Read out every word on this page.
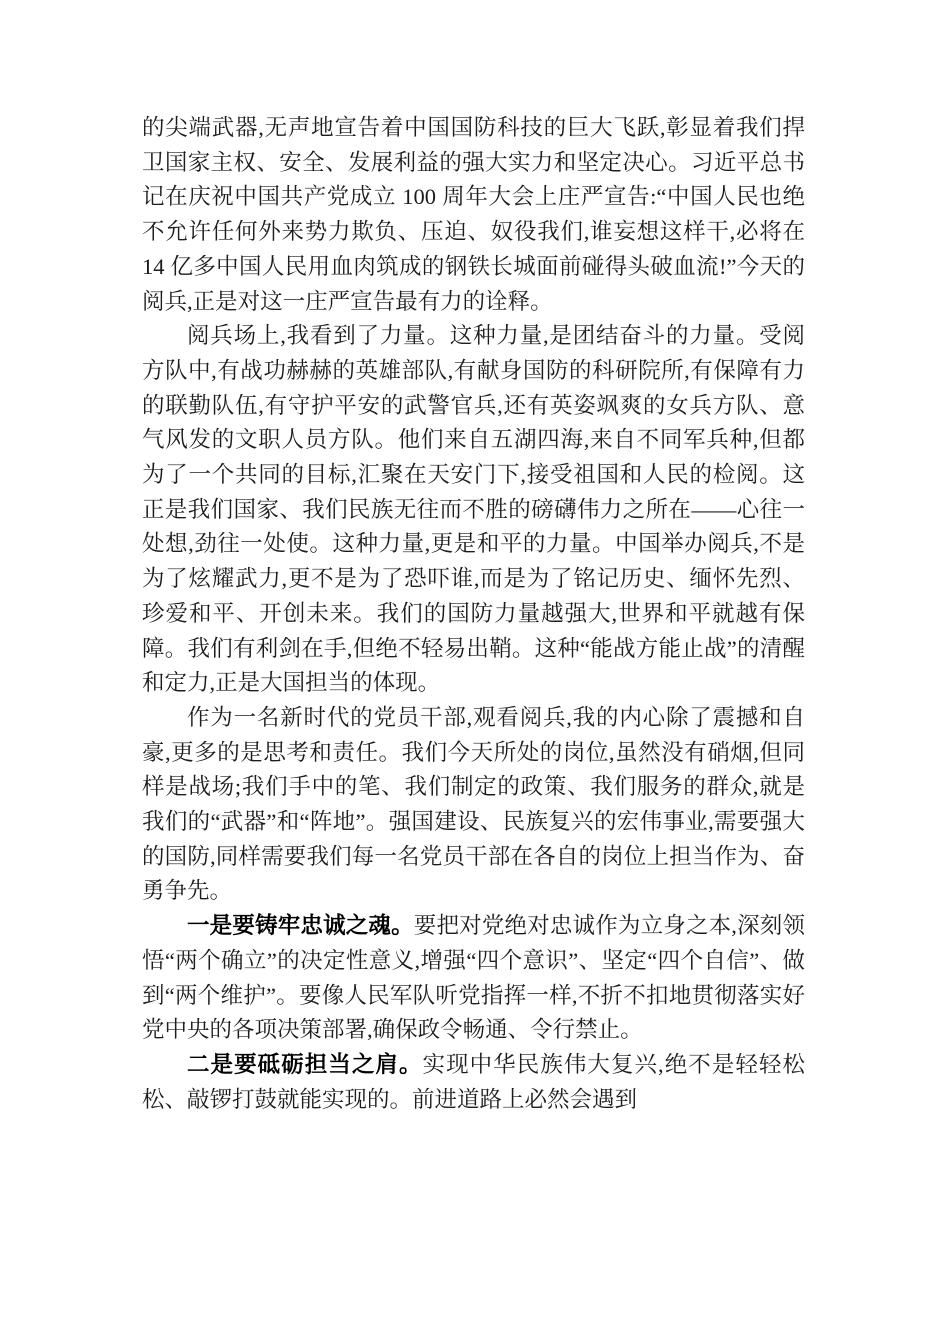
的尖端武器,无声地宣告着中国国防科技的巨大飞跃,彰显着我们捍卫国家主权、安全、发展利益的强大实力和坚定决心。习近平总书记在庆祝中国共产党成立 100 周年大会上庄严宣告:“中国人民也绝不允许任何外来势力欺负、压迫、奴役我们,谁妄想这样干,必将在 14 亿多中国人民用血肉筑成的钢铁长城面前碰得头破血流!”今天的阅兵,正是对这一庄严宣告最有力的诠释。

阅兵场上,我看到了力量。这种力量,是团结奋斗的力量。受阅方队中,有战功赫赫的英雄部队,有献身国防的科研院所,有保障有力的联勤队伍,有守护平安的武警官兵,还有英姿飒爽的女兵方队、意气风发的文职人员方队。他们来自五湖四海,来自不同军兵种,但都为了一个共同的目标,汇聚在天安门下,接受祖国和人民的检阅。这正是我们国家、我们民族无往而不胜的磅礴伟力之所在——心往一处想,劲往一处使。这种力量,更是和平的力量。中国举办阅兵,不是为了炫耀武力,更不是为了恐吓谁,而是为了铭记历史、缅怀先烈、珍爱和平、开创未来。我们的国防力量越强大,世界和平就越有保障。我们有利剑在手,但绝不轻易出鞘。这种“能战方能止战”的清醒和定力,正是大国担当的体现。

作为一名新时代的党员干部,观看阅兵,我的内心除了震撼和自豪,更多的是思考和责任。我们今天所处的岗位,虽然没有硝烟,但同样是战场;我们手中的笔、我们制定的政策、我们服务的群众,就是我们的“武器”和“阵地”。强国建设、民族复兴的宏伟事业,需要强大的国防,同样需要我们每一名党员干部在各自的岗位上担当作为、奋勇争先。

一是要铸牢忠诚之魂。要把对党绝对忠诚作为立身之本,深刻领悟“两个确立”的决定性意义,增强“四个意识”、坚定“四个自信”、做到“两个维护”。要像人民军队听党指挥一样,不折不扣地贯彻落实好党中央的各项决策部署,确保政令畅通、令行禁止。

二是要砥砺担当之肩。实现中华民族伟大复兴,绝不是轻轻松松、敲锣打鼓就能实现的。前进道路上必然会遇到
